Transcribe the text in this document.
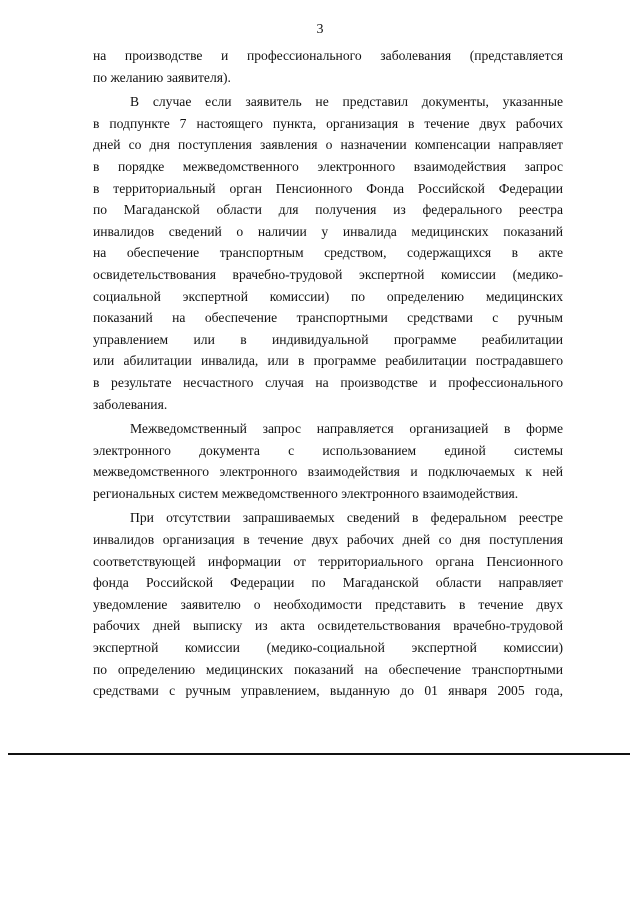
3
на производстве и профессионального заболевания (представляется
по желанию заявителя).
В случае если заявитель не представил документы, указанные
в подпункте 7 настоящего пункта, организация в течение двух рабочих
дней со дня поступления заявления о назначении компенсации направляет
в порядке межведомственного электронного взаимодействия запрос
в территориальный орган Пенсионного Фонда Российской Федерации
по Магаданской области для получения из федерального реестра
инвалидов сведений о наличии у инвалида медицинских показаний
на обеспечение транспортным средством, содержащихся в акте
освидетельствования врачебно-трудовой экспертной комиссии (медико-
социальной экспертной комиссии) по определению медицинских
показаний на обеспечение транспортными средствами с ручным
управлением или в индивидуальной программе реабилитации
или абилитации инвалида, или в программе реабилитации пострадавшего
в результате несчастного случая на производстве и профессионального
заболевания.
Межведомственный запрос направляется организацией в форме
электронного документа с использованием единой системы
межведомственного электронного взаимодействия и подключаемых к ней
региональных систем межведомственного электронного взаимодействия.
При отсутствии запрашиваемых сведений в федеральном реестре
инвалидов организация в течение двух рабочих дней со дня поступления
соответствующей информации от территориального органа Пенсионного
фонда Российской Федерации по Магаданской области направляет
уведомление заявителю о необходимости представить в течение двух
рабочих дней выписку из акта освидетельствования врачебно-трудовой
экспертной комиссии (медико-социальной экспертной комиссии)
по определению медицинских показаний на обеспечение транспортными
средствами с ручным управлением, выданную до 01 января 2005 года,
